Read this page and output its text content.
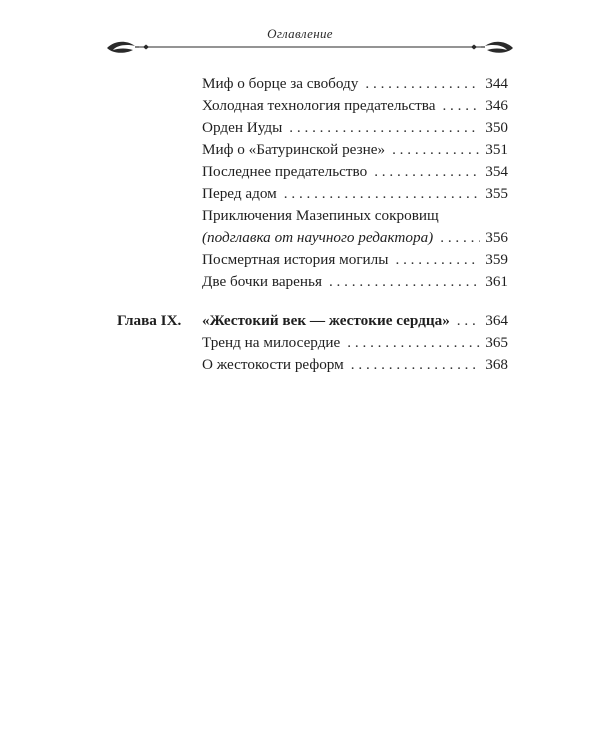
Оглавление
Миф о борце за свободу . . .	344
Холодная технология предательства . . .	346
Орден Иуды . . .	350
Миф о «Батуринской резне» . . .	351
Последнее предательство . . .	354
Перед адом . . .	355
Приключения Мазепиных сокровищ
(подглавка от научного редактора) . . .	356
Посмертная история могилы . . .	359
Две бочки варенья . . .	361
Глава IX. «Жестокий век — жестокие сердца» . . . 364
Тренд на милосердие . . .	365
О жестокости реформ . . .	368
